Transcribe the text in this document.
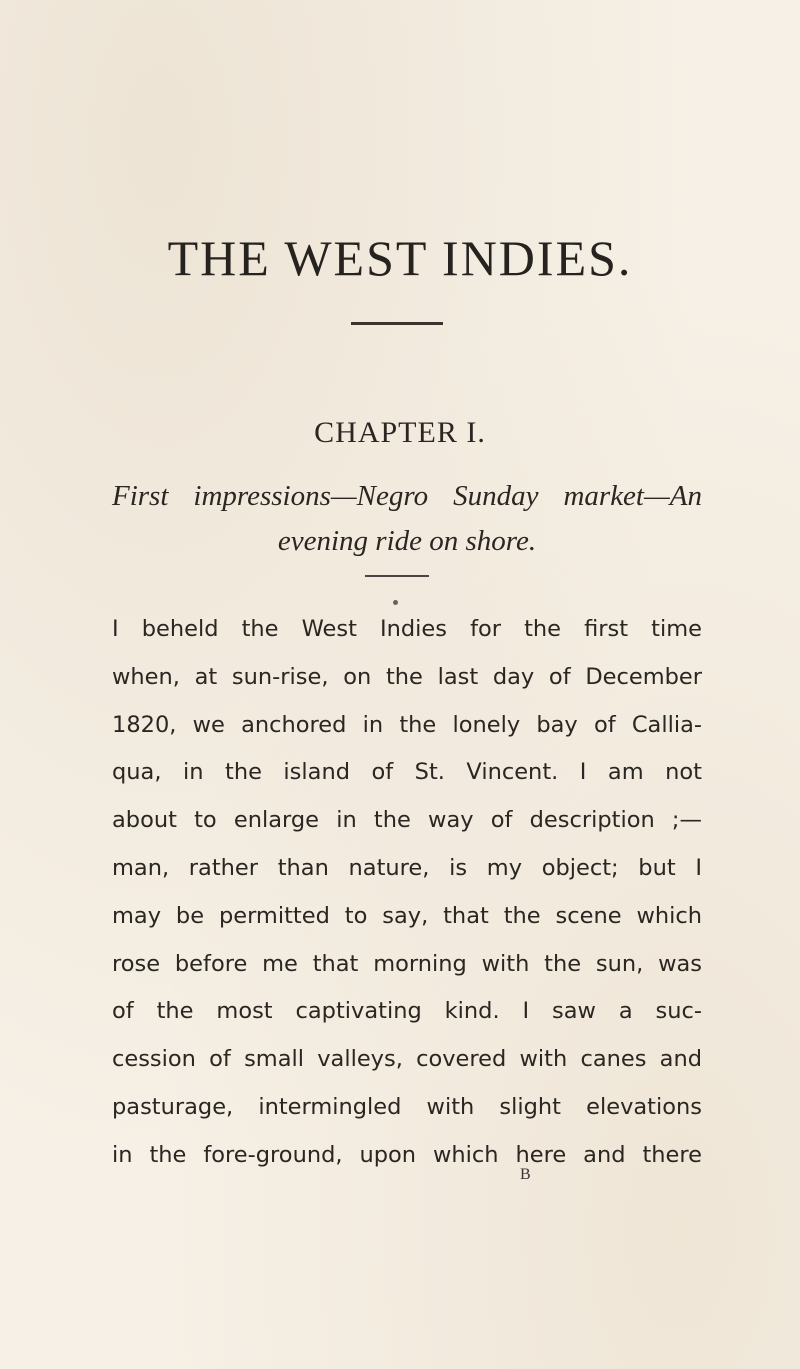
THE WEST INDIES.
CHAPTER I.
First impressions—Negro Sunday market—An
evening ride on shore.
I beheld the West Indies for the first time
when, at sun-rise, on the last day of December
1820, we anchored in the lonely bay of Callia-
qua, in the island of St. Vincent. I am not
about to enlarge in the way of description ;—
man, rather than nature, is my object; but I
may be permitted to say, that the scene which
rose before me that morning with the sun, was
of the most captivating kind. I saw a suc-
cession of small valleys, covered with canes and
pasturage, intermingled with slight elevations
in the fore-ground, upon which here and there
B
